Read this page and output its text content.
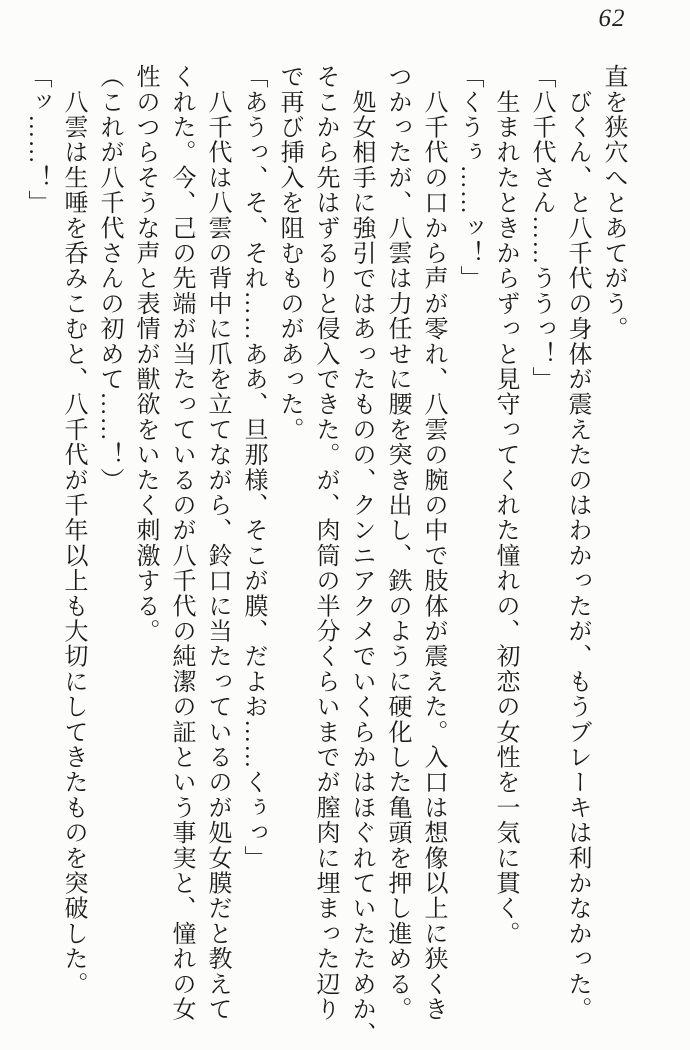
62
直を狭穴へとあてがう。
　びくん、と八千代の身体が震えたのはわかったが、もうブレーキは利かなかった。
「八千代さん……ううっ！」
　生まれたときからずっと見守ってくれた憧れの、初恋の女性を一気に貫く。
「くうぅ……ッ！」
　八千代の口から声が零れ、八雲の腕の中で肢体が震えた。入口は想像以上に狭くき
つかったが、八雲は力任せに腰を突き出し、鉄のように硬化した亀頭を押し進める。
　処女相手に強引ではあったものの、クンニアクメでいくらかはほぐれていたためか、
そこから先はずるりと侵入できた。が、肉筒の半分くらいまでが膣肉に埋まった辺り
で再び挿入を阻むものがあった。
「あうっ、そ、それ……ああ、旦那様、そこが膜、だよお……くぅっ」
　八千代は八雲の背中に爪を立てながら、鈴口に当たっているのが処女膜だと教えて
くれた。今、己の先端が当たっているのが八千代の純潔の証という事実と、憧れの女
性のつらそうな声と表情が獣欲をいたく刺激する。
（これが八千代さんの初めて……！）
　八雲は生唾を呑みこむと、八千代が千年以上も大切にしてきたものを突破した。
「ッ……！」
